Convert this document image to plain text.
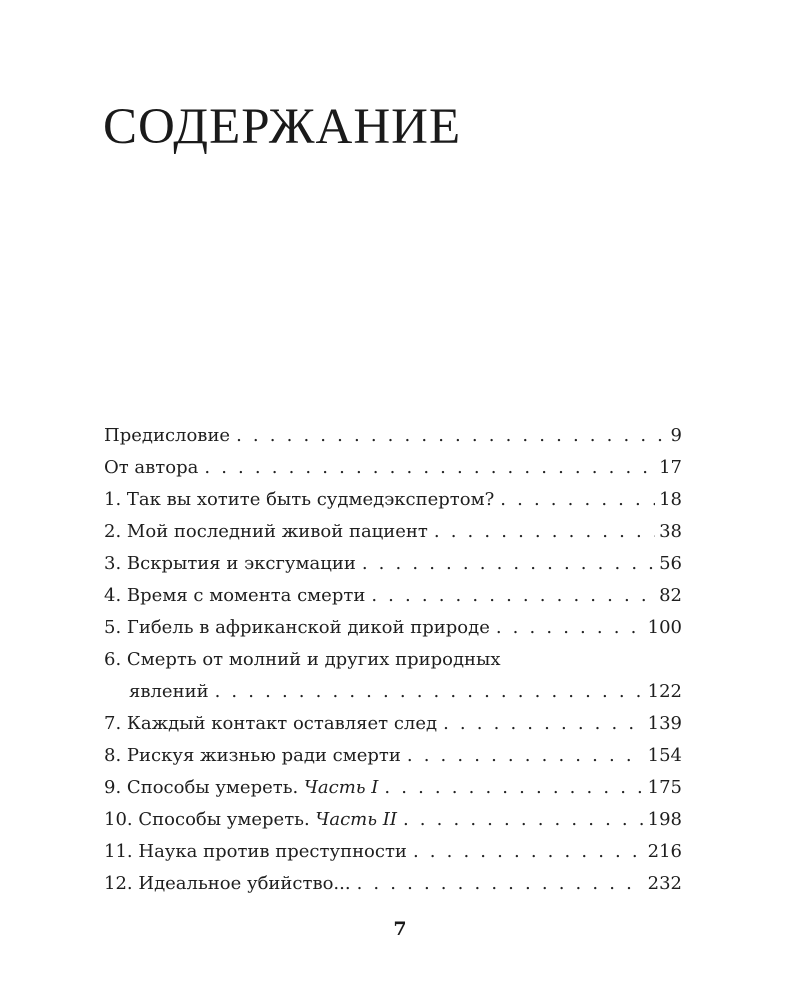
СОДЕРЖАНИЕ
Предисловие . . .	9
От автора . . .	17
1. Так вы хотите быть судмедэкспертом? . . .	18
2. Мой последний живой пациент . . .	38
3. Вскрытия и эксгумации . . .	56
4. Время с момента смерти . . .	82
5. Гибель в африканской дикой природе . . .	100
6. Смерть от молний и других природных
явлений . . .	122
7. Каждый контакт оставляет след . . .	139
8. Рискуя жизнью ради смерти . . .	154
9. Способы умереть. Часть I . . .	175
10. Способы умереть. Часть II . . .	198
11. Наука против преступности . . .	216
12. Идеальное убийство... . . .	232
7
